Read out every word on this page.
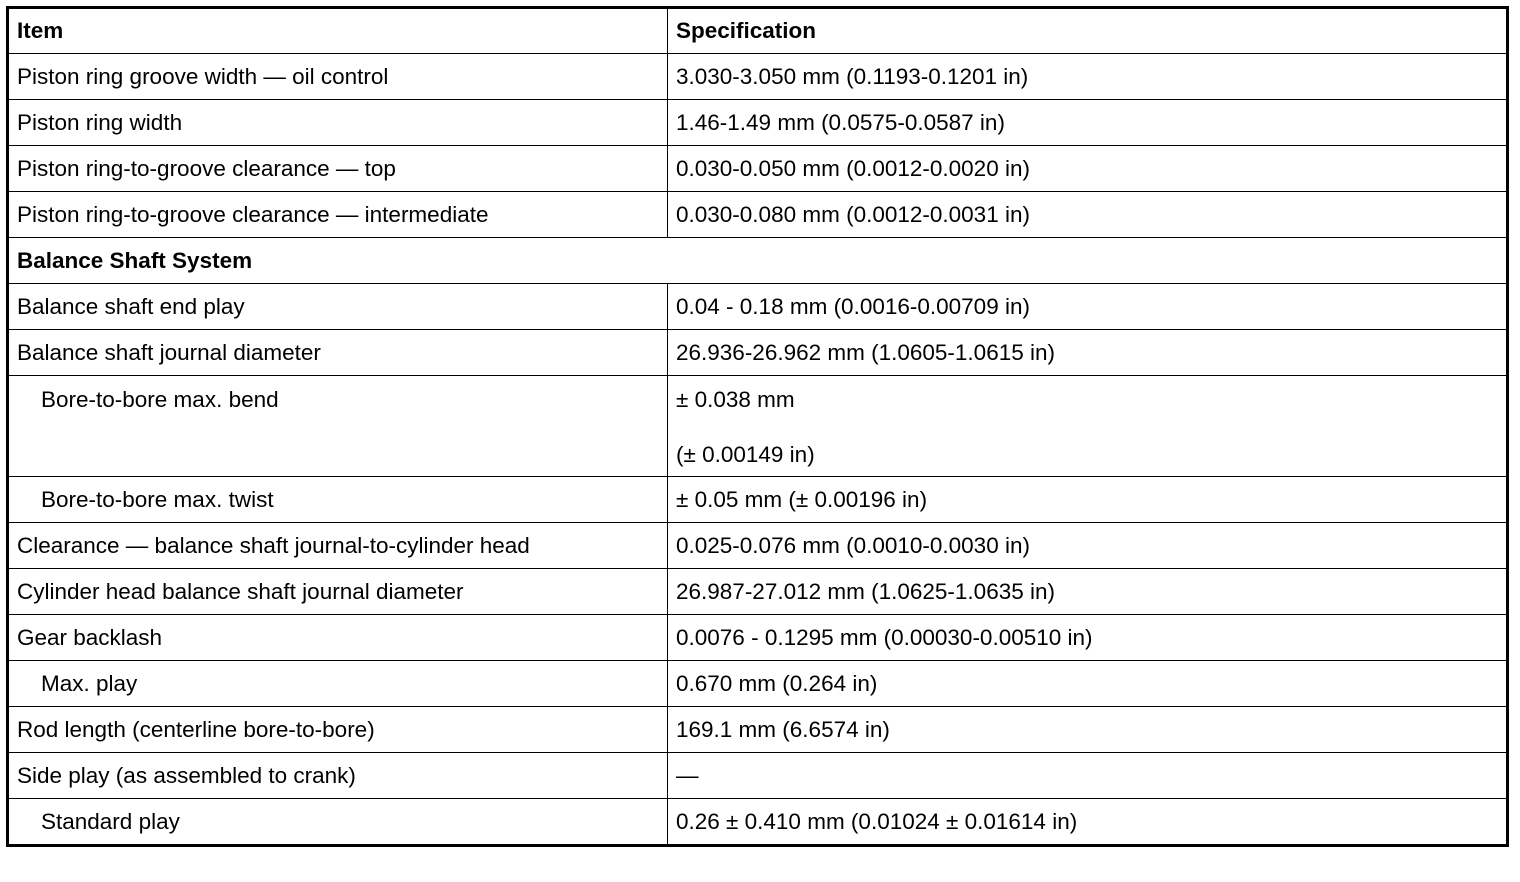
Item	Specification
Piston ring groove width — oil control	3.030-3.050 mm (0.1193-0.1201 in)
Piston ring width	1.46-1.49 mm (0.0575-0.0587 in)
Piston ring-to-groove clearance — top	0.030-0.050 mm (0.0012-0.0020 in)
Piston ring-to-groove clearance — intermediate	0.030-0.080 mm (0.0012-0.0031 in)
Balance Shaft System	
Balance shaft end play	0.04 - 0.18 mm (0.0016-0.00709 in)
Balance shaft journal diameter	26.936-26.962 mm (1.0605-1.0615 in)

Bore-to-bore max. bend	± 0.038 mm
(± 0.00149 in)

Bore-to-bore max. twist	± 0.05 mm (± 0.00196 in)
Clearance — balance shaft journal-to-cylinder head	0.025-0.076 mm (0.0010-0.0030 in)
Cylinder head balance shaft journal diameter	26.987-27.012 mm (1.0625-1.0635 in)
Gear backlash	0.0076 - 0.1295 mm (0.00030-0.00510 in)
Max. play	0.670 mm (0.264 in)
Rod length (centerline bore-to-bore)	169.1 mm (6.6574 in)
Side play (as assembled to crank)	—
Standard play	0.26 ± 0.410 mm (0.01024 ± 0.01614 in)
